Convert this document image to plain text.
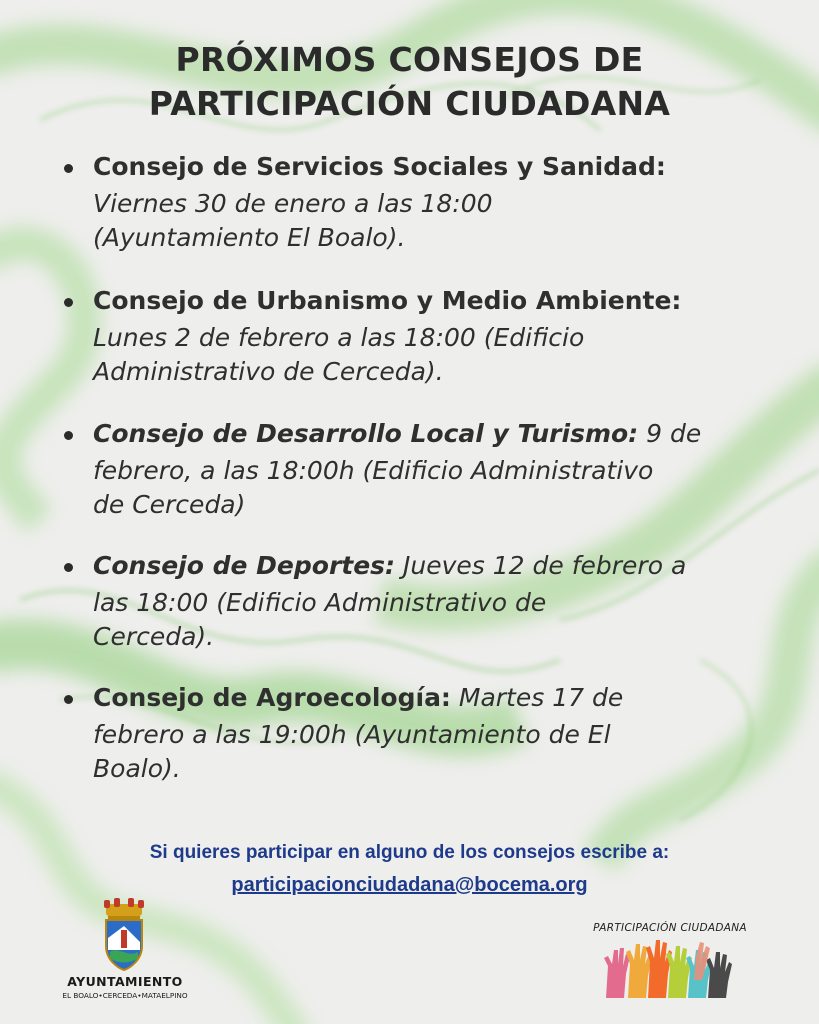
PRÓXIMOS CONSEJOS DE
PARTICIPACIÓN CIUDADANA
Consejo de Servicios Sociales y Sanidad:
Viernes 30 de enero a las 18:00
(Ayuntamiento El Boalo).
Consejo de Urbanismo y Medio Ambiente:
Lunes 2 de febrero a las 18:00 (Edificio
Administrativo de Cerceda).
Consejo de Desarrollo Local y Turismo: 9 de
febrero, a las 18:00h (Edificio Administrativo
de Cerceda)
Consejo de Deportes: Jueves 12 de febrero a
las 18:00 (Edificio Administrativo de
Cerceda).
Consejo de Agroecología: Martes 17 de
febrero a las 19:00h (Ayuntamiento de El
Boalo).
Si quieres participar en alguno de los consejos escribe a:
participacionciudadana@bocema.org
AYUNTAMIENTO
EL BOALO•CERCEDA•MATAELPINO
PARTICIPACIÓN CIUDADANA
